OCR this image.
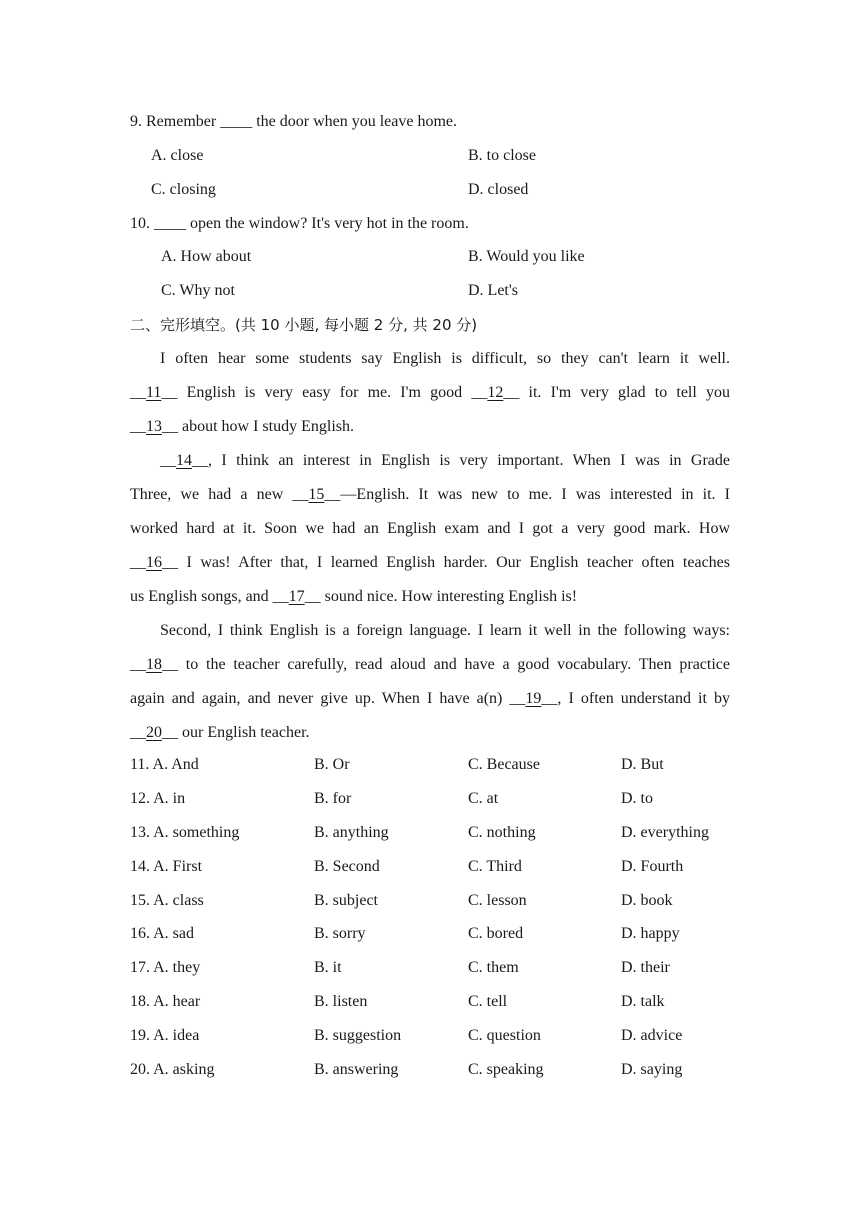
9. Remember ____ the door when you leave home.
A. close	B. to close
C. closing	D. closed
10. ____ open the window? It's very hot in the room.
A. How about	B. Would you like
C. Why not	D. Let's
二、完形填空。(共 10 小题, 每小题 2 分, 共 20 分)
I often hear some students say English is difficult, so they can't learn it well.
__11__ English is very easy for me. I'm good __12__ it. I'm very glad to tell you
__13__ about how I study English.
__14__, I think an interest in English is very important. When I was in Grade
Three, we had a new __15__—English. It was new to me. I was interested in it. I
worked hard at it. Soon we had an English exam and I got a very good mark. How
__16__ I was! After that, I learned English harder. Our English teacher often teaches
us English songs, and __17__ sound nice. How interesting English is!
Second, I think English is a foreign language. I learn it well in the following ways:
__18__ to the teacher carefully, read aloud and have a good vocabulary. Then practice
again and again, and never give up. When I have a(n) __19__, I often understand it by
__20__ our English teacher.
11. A. And	B. Or	C. Because	D. But
12. A. in	B. for	C. at	D. to
13. A. something	B. anything	C. nothing	D. everything
14. A. First	B. Second	C. Third	D. Fourth
15. A. class	B. subject	C. lesson	D. book
16. A. sad	B. sorry	C. bored	D. happy
17. A. they	B. it	C. them	D. their
18. A. hear	B. listen	C. tell	D. talk
19. A. idea	B. suggestion	C. question	D. advice
20. A. asking	B. answering	C. speaking	D. saying
